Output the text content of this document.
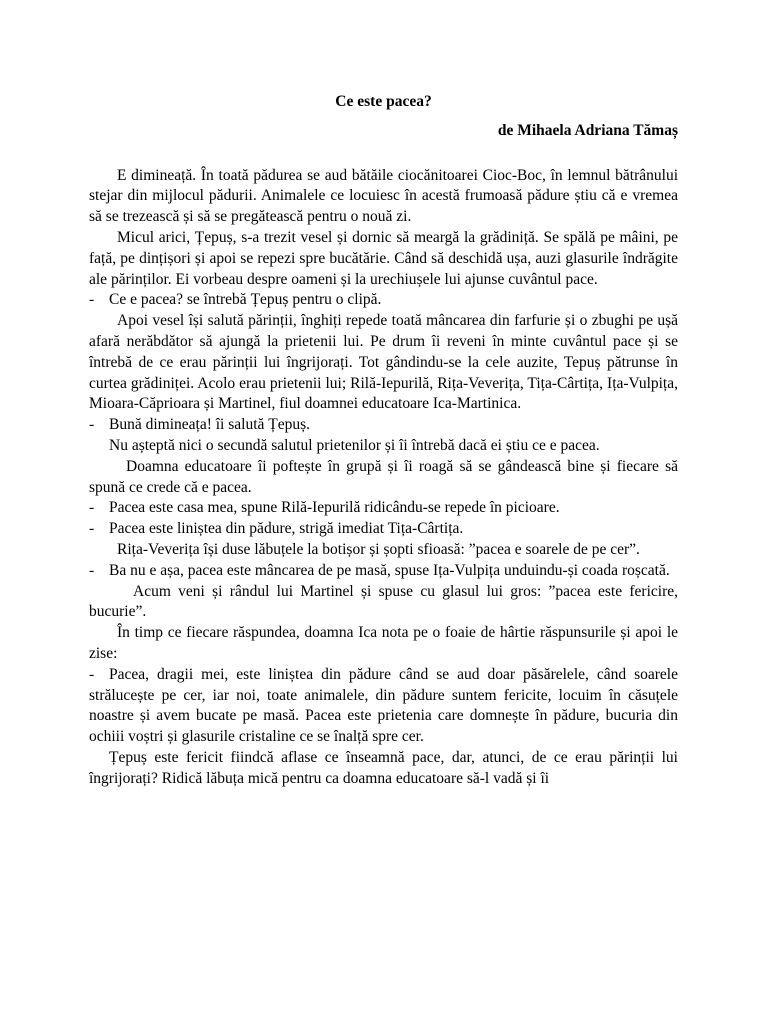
Ce este pacea?

de Mihaela Adriana Tămaș

E dimineață. În toată pădurea se aud bătăile ciocănitoarei Cioc-Boc, în lemnul bătrânului stejar din mijlocul pădurii. Animalele ce locuiesc în acestă frumoasă pădure știu că e vremea să se trezească și să se pregătească pentru o nouă zi.

Micul arici, Țepuș, s-a trezit vesel și dornic să meargă la grădiniță. Se spălă pe mâini, pe față, pe dințișori și apoi se repezi spre bucătărie. Când să deschidă ușa, auzi glasurile îndrăgite ale părinților. Ei vorbeau despre oameni și la urechiușele lui ajunse cuvântul pace.

- Ce e pacea? se întrebă Țepuș pentru o clipă.

Apoi vesel își salută părinții, înghiți repede toată mâncarea din farfurie și o zbughi pe ușă afară nerăbdător să ajungă la prietenii lui. Pe drum îi reveni în minte cuvântul pace și se întrebă de ce erau părinții lui îngrijorați. Tot gândindu-se la cele auzite, Tepuș pătrunse în curtea grădiniței. Acolo erau prietenii lui; Rilă-Iepurilă, Rița-Veverița, Tița-Cârtița, Ița-Vulpița, Mioara-Căprioara și Martinel, fiul doamnei educatoare Ica-Martinica.

- Bună dimineața! îi salută Țepuș.

Nu așteptă nici o secundă salutul prietenilor și îi întrebă dacă ei știu ce e pacea.

Doamna educatoare îi poftește în grupă și îi roagă să se gândească bine și fiecare să spună ce crede că e pacea.

- Pacea este casa mea, spune Rilă-Iepurilă ridicându-se repede în picioare.

- Pacea este liniștea din pădure, strigă imediat Tița-Cârtița.

Rița-Veverița își duse lăbuțele la botișor și șopti sfioasă: ”pacea e soarele de pe cer”.

- Ba nu e așa, pacea este mâncarea de pe masă, spuse Ița-Vulpița unduindu-și coada roșcată.

Acum veni și rândul lui Martinel și spuse cu glasul lui gros: ”pacea este fericire, bucurie”.

În timp ce fiecare răspundea, doamna Ica nota pe o foaie de hârtie răspunsurile și apoi le zise:

- Pacea, dragii mei, este liniștea din pădure când se aud doar păsărelele, când soarele strălucește pe cer, iar noi, toate animalele, din pădure suntem fericite, locuim în căsuțele noastre și avem bucate pe masă. Pacea este prietenia care domnește în pădure, bucuria din ochiii voștri și glasurile cristaline ce se înalță spre cer.

Țepuș este fericit fiindcă aflase ce înseamnă pace, dar, atunci, de ce erau părinții lui îngrijorați? Ridică lăbuța mică pentru ca doamna educatoare să-l vadă și îi
